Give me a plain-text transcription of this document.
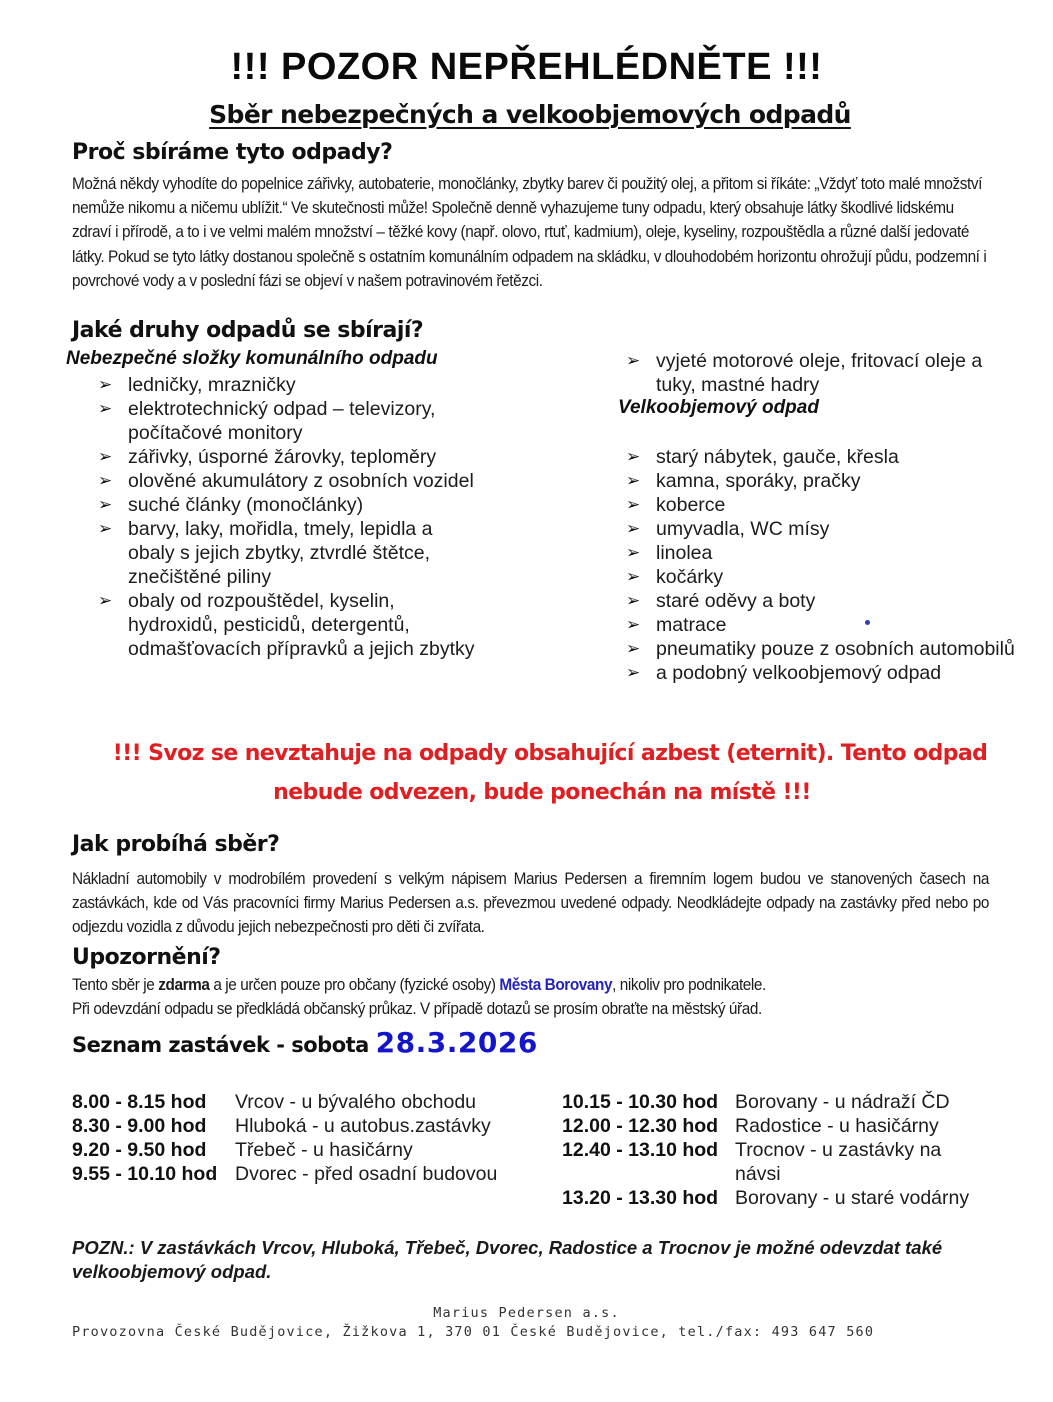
!!! POZOR NEPŘEHLÉDNĚTE !!!
Sběr nebezpečných a velkoobjemových odpadů
Proč sbíráme tyto odpady?
Možná někdy vyhodíte do popelnice zářivky, autobaterie, monočlánky, zbytky barev či použitý olej, a přitom si říkáte: „Vždyť toto malé množství nemůže nikomu a ničemu ublížit.“ Ve skutečnosti může! Společně denně vyhazujeme tuny odpadu, který obsahuje látky škodlivé lidskému zdraví i přírodě, a to i ve velmi malém množství – těžké kovy (např. olovo, rtuť, kadmium), oleje, kyseliny, rozpouštědla a různé další jedovaté látky. Pokud se tyto látky dostanou společně s ostatním komunálním odpadem na skládku, v dlouhodobém horizontu ohrožují půdu, podzemní i povrchové vody a v poslední fázi se objeví v našem potravinovém řetězci.
Jaké druhy odpadů se sbírají?
Nebezpečné složky komunálního odpadu
➢ ledničky, mrazničky
➢ elektrotechnický odpad – televizory, počítačové monitory
➢ zářivky, úsporné žárovky, teploměry
➢ olověné akumulátory z osobních vozidel
➢ suché články (monočlánky)
➢ barvy, laky, mořidla, tmely, lepidla a obaly s jejich zbytky, ztvrdlé štětce, znečištěné piliny
➢ obaly od rozpouštědel, kyselin, hydroxidů, pesticidů, detergentů, odmašťovacích přípravků a jejich zbytky
➢ vyjeté motorové oleje, fritovací oleje a tuky, mastné hadry
Velkoobjemový odpad
➢ starý nábytek, gauče, křesla
➢ kamna, sporáky, pračky
➢ koberce
➢ umyvadla, WC mísy
➢ linolea
➢ kočárky
➢ staré oděvy a boty
➢ matrace
➢ pneumatiky pouze z osobních automobilů
➢ a podobný velkoobjemový odpad
!!! Svoz se nevztahuje na odpady obsahující azbest (eternit). Tento odpad
nebude odvezen, bude ponechán na místě !!!
Jak probíhá sběr?
Nákladní automobily v modrobílém provedení s velkým nápisem Marius Pedersen a firemním logem budou ve stanovených časech na zastávkách, kde od Vás pracovníci firmy Marius Pedersen a.s. převezmou uvedené odpady. Neodkládejte odpady na zastávky před nebo po odjezdu vozidla z důvodu jejich nebezpečnosti pro děti či zvířata.
Upozornění?
Tento sběr je zdarma a je určen pouze pro občany (fyzické osoby) Města Borovany, nikoliv pro podnikatele.
Při odevzdání odpadu se předkládá občanský průkaz. V případě dotazů se prosím obraťte na městský úřad.
Seznam zastávek - sobota 28.3.2026
8.00 - 8.15 hod	Vrcov - u bývalého obchodu
8.30 - 9.00 hod	Hluboká - u autobus.zastávky
9.20 - 9.50 hod	Třebeč - u hasičárny
9.55 - 10.10 hod Dvorec - před osadní budovou
10.15 - 10.30 hod Borovany - u nádraží ČD
12.00 - 12.30 hod Radostice - u hasičárny
12.40 - 13.10 hod Trocnov - u zastávky na návsi
13.20 - 13.30 hod Borovany - u staré vodárny
POZN.: V zastávkách Vrcov, Hluboká, Třebeč, Dvorec, Radostice a Trocnov je možné odevzdat také velkoobjemový odpad.
Marius Pedersen a.s.
Provozovna České Budějovice, Žižkova 1, 370 01 České Budějovice, tel./fax: 493 647 560
